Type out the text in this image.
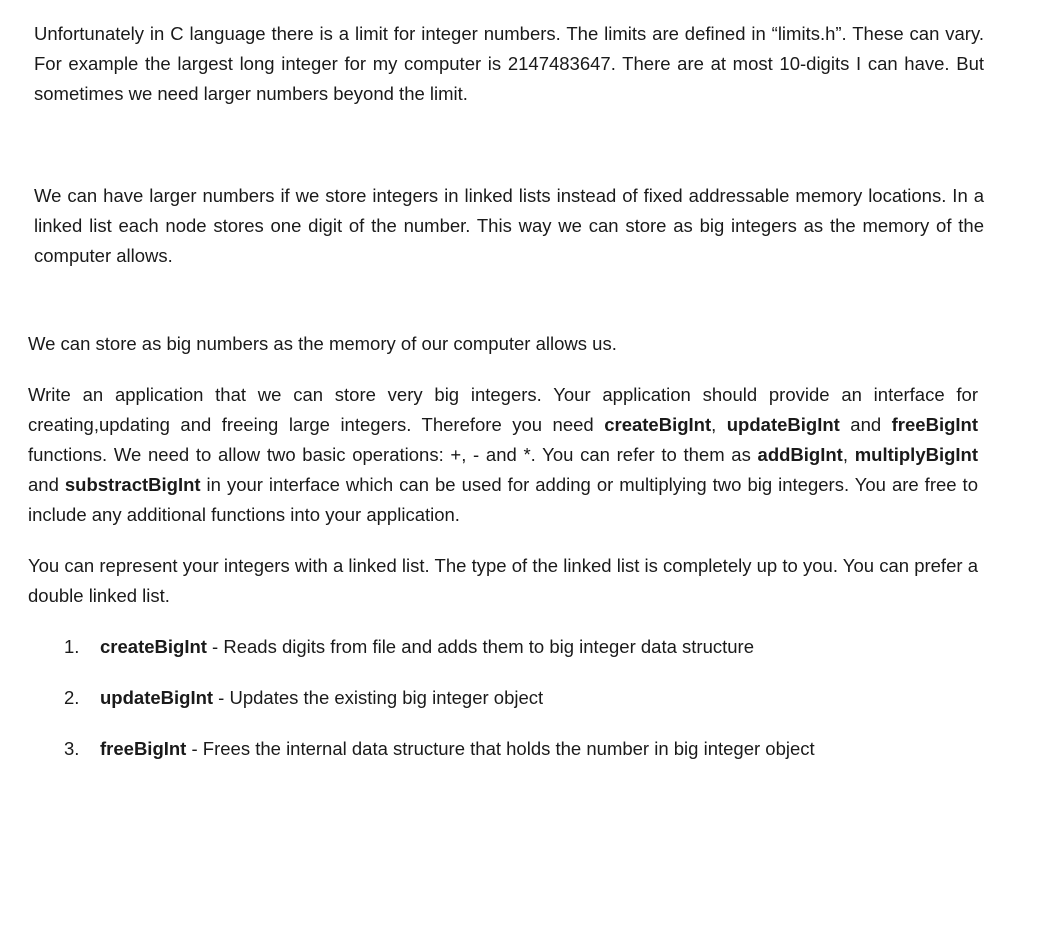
Unfortunately in C language there is a limit for integer numbers. The limits are defined in “limits.h”. These can vary. For example the largest long integer for my computer is 2147483647. There are at most 10-digits I can have. But sometimes we need larger numbers beyond the limit.

We can have larger numbers if we store integers in linked lists instead of fixed addressable memory locations. In a linked list each node stores one digit of the number. This way we can store as big integers as the memory of the computer allows.

We can store as big numbers as the memory of our computer allows us.

Write an application that we can store very big integers. Your application should provide an interface for creating,updating and freeing large integers. Therefore you need createBigInt, updateBigInt and freeBigInt functions. We need to allow two basic operations: +, - and *. You can refer to them as addBigInt, multiplyBigInt and substractBigInt in your interface which can be used for adding or multiplying two big integers. You are free to include any additional functions into your application.

You can represent your integers with a linked list. The type of the linked list is completely up to you. You can prefer a double linked list.

1. createBigInt - Reads digits from file and adds them to big integer data structure
2. updateBigInt - Updates the existing big integer object
3. freeBigInt - Frees the internal data structure that holds the number in big integer object
